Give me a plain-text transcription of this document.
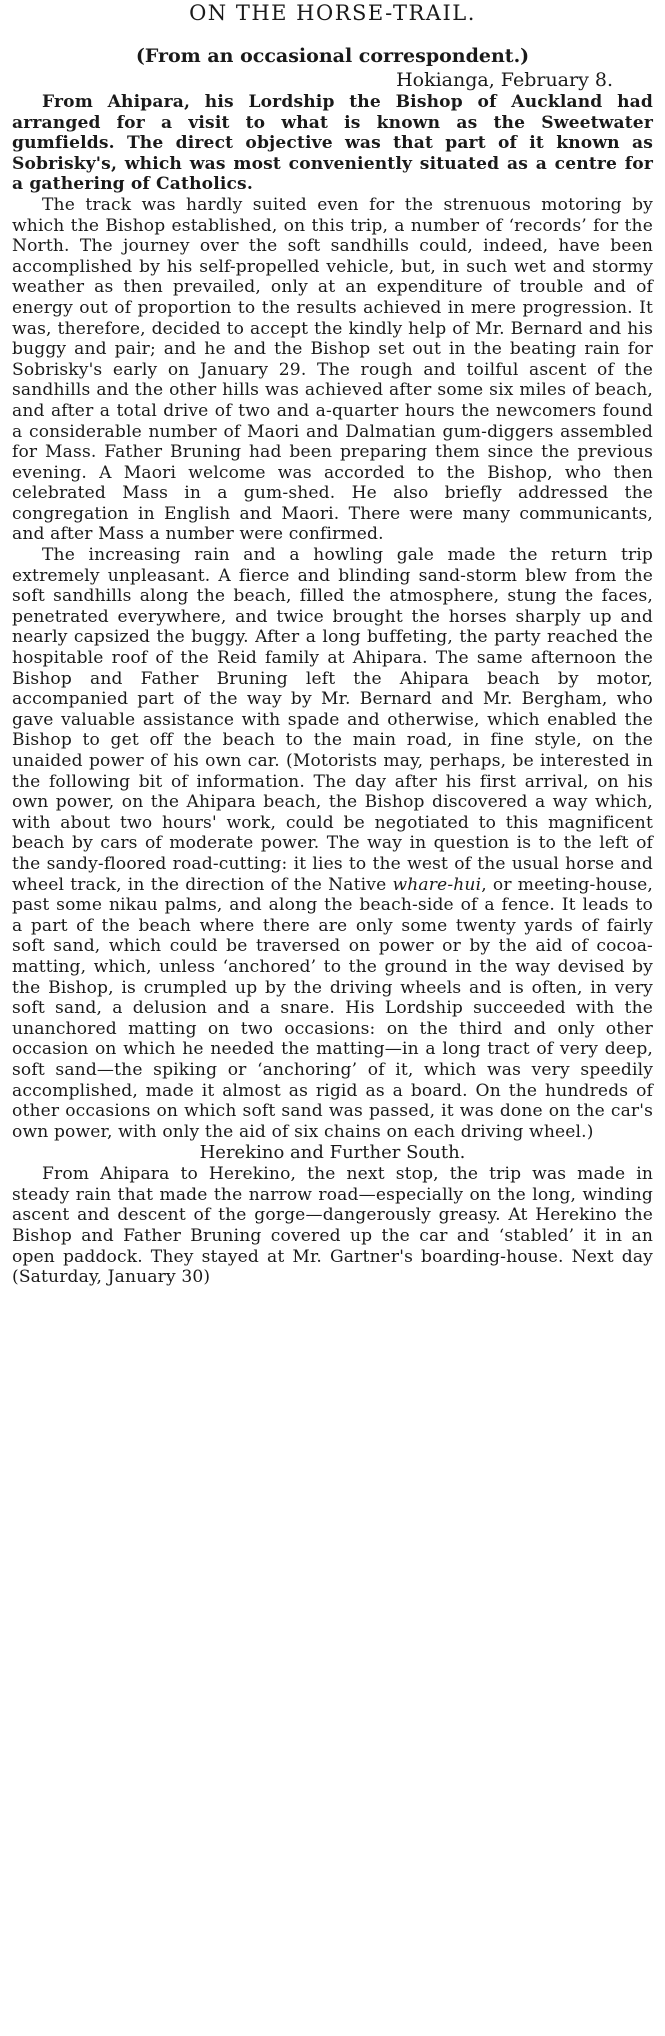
ON THE HORSE-TRAIL.

(From an occasional correspondent.)

Hokianga, February 8.

From Ahipara, his Lordship the Bishop of Auckland had arranged for a visit to what is known as the Sweetwater gumfields. The direct objective was that part of it known as Sobrisky's, which was most conveniently situated as a centre for a gathering of Catholics.

The track was hardly suited even for the strenuous motoring by which the Bishop established, on this trip, a number of ‘records’ for the North. The journey over the soft sandhills could, indeed, have been accomplished by his self-propelled vehicle, but, in such wet and stormy weather as then prevailed, only at an expenditure of trouble and of energy out of proportion to the results achieved in mere progression. It was, therefore, decided to accept the kindly help of Mr. Bernard and his buggy and pair; and he and the Bishop set out in the beating rain for Sobrisky's early on January 29. The rough and toilful ascent of the sandhills and the other hills was achieved after some six miles of beach, and after a total drive of two and a-quarter hours the newcomers found a considerable number of Maori and Dalmatian gum-diggers assembled for Mass. Father Bruning had been preparing them since the previous evening. A Maori welcome was accorded to the Bishop, who then celebrated Mass in a gum-shed. He also briefly addressed the congregation in English and Maori. There were many communicants, and after Mass a number were confirmed.

The increasing rain and a howling gale made the return trip extremely unpleasant. A fierce and blinding sand-storm blew from the soft sandhills along the beach, filled the atmosphere, stung the faces, penetrated everywhere, and twice brought the horses sharply up and nearly capsized the buggy. After a long buffeting, the party reached the hospitable roof of the Reid family at Ahipara. The same afternoon the Bishop and Father Bruning left the Ahipara beach by motor, accompanied part of the way by Mr. Bernard and Mr. Bergham, who gave valuable assistance with spade and otherwise, which enabled the Bishop to get off the beach to the main road, in fine style, on the unaided power of his own car. (Motorists may, perhaps, be interested in the following bit of information. The day after his first arrival, on his own power, on the Ahipara beach, the Bishop discovered a way which, with about two hours' work, could be negotiated to this magnificent beach by cars of moderate power. The way in question is to the left of the sandy-floored road-cutting: it lies to the west of the usual horse and wheel track, in the direction of the Native whare-hui, or meeting-house, past some nikau palms, and along the beach-side of a fence. It leads to a part of the beach where there are only some twenty yards of fairly soft sand, which could be traversed on power or by the aid of cocoa-matting, which, unless ‘anchored’ to the ground in the way devised by the Bishop, is crumpled up by the driving wheels and is often, in very soft sand, a delusion and a snare. His Lordship succeeded with the unanchored matting on two occasions: on the third and only other occasion on which he needed the matting—in a long tract of very deep, soft sand—the spiking or ‘anchoring’ of it, which was very speedily accomplished, made it almost as rigid as a board. On the hundreds of other occasions on which soft sand was passed, it was done on the car's own power, with only the aid of six chains on each driving wheel.)

Herekino and Further South.

From Ahipara to Herekino, the next stop, the trip was made in steady rain that made the narrow road—especially on the long, winding ascent and descent of the gorge—dangerously greasy. At Herekino the Bishop and Father Bruning covered up the car and ‘stabled’ it in an open paddock. They stayed at Mr. Gartner's boarding-house. Next day (Saturday, January 30)
